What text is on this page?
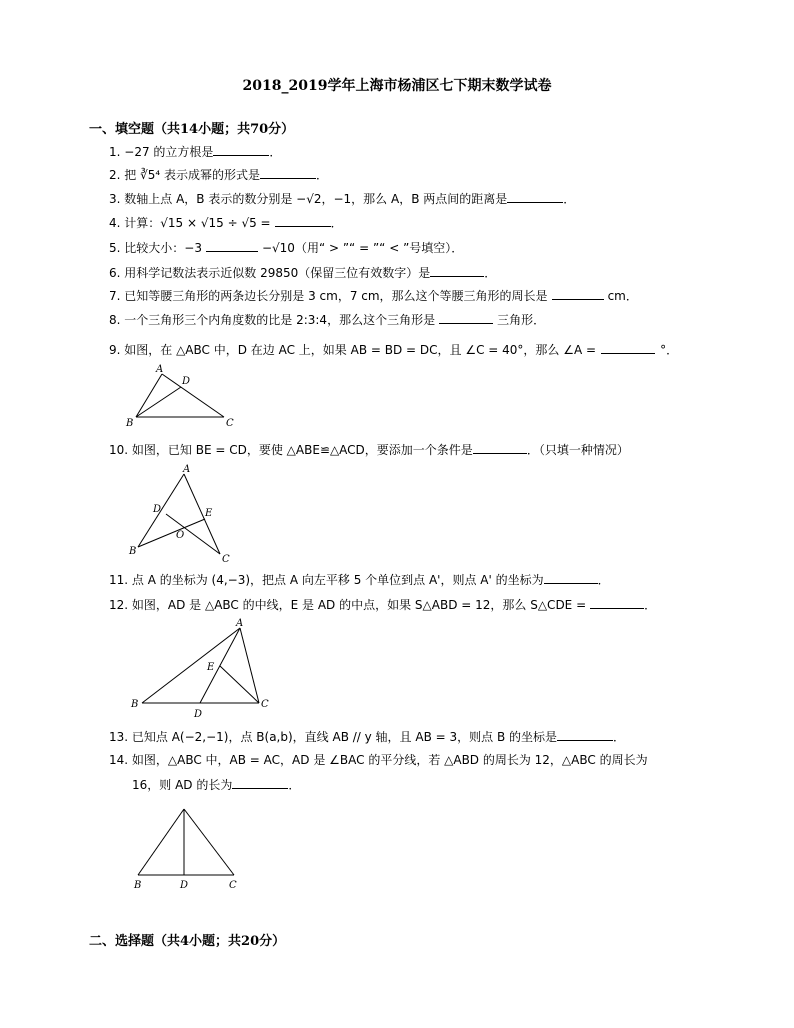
2018_2019学年上海市杨浦区七下期末数学试卷
一、填空题（共14小题；共70分）
1. −27 的立方根是	．
2. 把 ∛5⁴ 表示成幂的形式是	．
3. 数轴上点 A，B 表示的数分别是 −√2，−1，那么 A，B 两点间的距离是	．
4. 计算：√15 × √15 ÷ √5 =	．
5. 比较大小：−3	−√10（用“ > ”“ = ”“ < ”号填空）．
6. 用科学记数法表示近似数 29850（保留三位有效数字）是	．
7. 已知等腰三角形的两条边长分别是 3 cm，7 cm，那么这个等腰三角形的周长是	cm．
8. 一个三角形三个内角度数的比是 2:3:4，那么这个三角形是	三角形．
9. 如图，在 △ABC 中，D 在边 AC 上，如果 AB = BD = DC，且 ∠C = 40°，那么 ∠A =	°．
A
D
B	C
10. 如图，已知 BE = CD，要使 △ABE≌△ACD，要添加一个条件是	．（只填一种情况）
A
D	E
O
B
C
11. 点 A 的坐标为 (4,−3)，把点 A 向左平移 5 个单位到点 A'，则点 A' 的坐标为	．
12. 如图，AD 是 △ABC 的中线，E 是 AD 的中点，如果 S△ABD = 12，那么 S△CDE =	．
A
E
B
D
C
13. 已知点 A(−2,−1)，点 B(a,b)，直线 AB // y 轴，且 AB = 3，则点 B 的坐标是	．
14. 如图，△ABC 中，AB = AC，AD 是 ∠BAC 的平分线，若 △ABD 的周长为 12，△ABC 的周长为
16，则 AD 的长为	．
B	D	C
二、选择题（共4小题；共20分）
